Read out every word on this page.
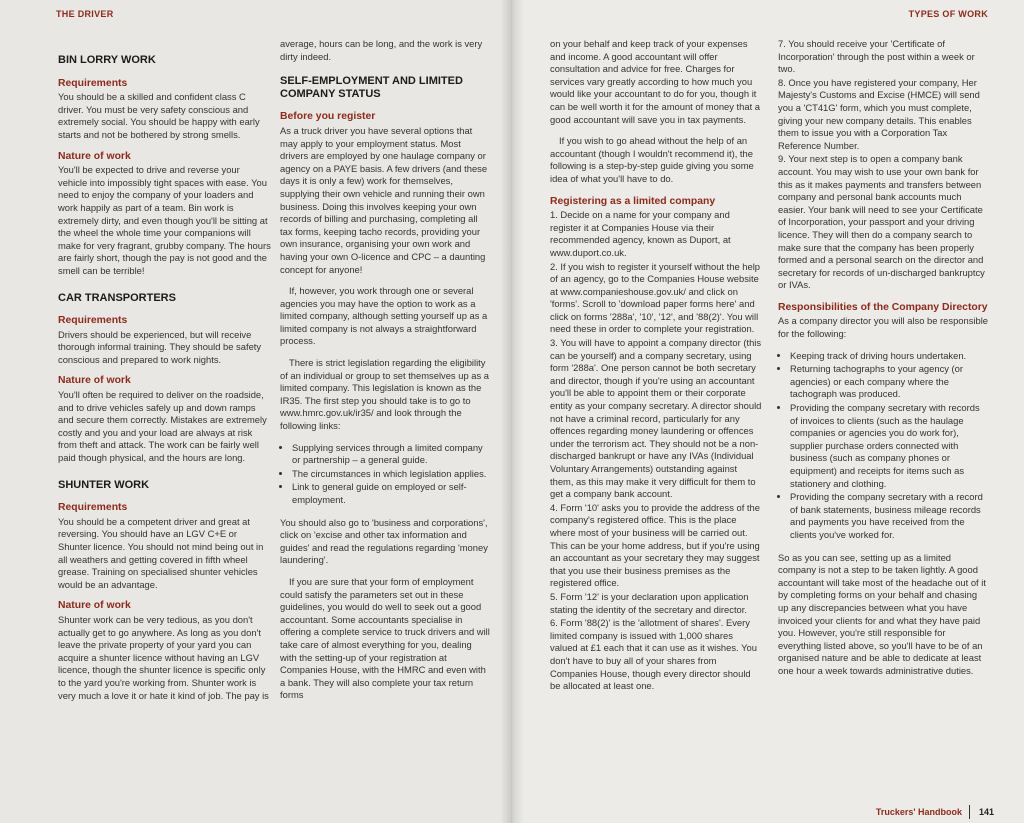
THE DRIVER
BIN LORRY WORK
Requirements

You should be a skilled and confident class C driver. You must be very safety conscious and extremely social. You should be happy with early starts and not be bothered by strong smells.

Nature of work

You'll be expected to drive and reverse your vehicle into impossibly tight spaces with ease. You need to enjoy the company of your loaders and work happily as part of a team. Bin work is extremely dirty, and even though you'll be sitting at the wheel the whole time your companions will make for very fragrant, grubby company. The hours are fairly short, though the pay is not good and the smell can be terrible!

CAR TRANSPORTERS
Requirements

Drivers should be experienced, but will receive thorough informal training. They should be safety conscious and prepared to work nights.

Nature of work

You'll often be required to deliver on the roadside, and to drive vehicles safely up and down ramps and secure them correctly. Mistakes are extremely costly and you and your load are always at risk from theft and attack. The work can be fairly well paid though physical, and the hours are long.

SHUNTER WORK
Requirements

You should be a competent driver and great at reversing. You should have an LGV C+E or Shunter licence. You should not mind being out in all weathers and getting covered in fifth wheel grease. Training on specialised shunter vehicles would be an advantage.

Nature of work

Shunter work can be very tedious, as you don't actually get to go anywhere. As long as you don't leave the private property of your yard you can acquire a shunter licence without having an LGV licence, though the shunter licence is specific only to the yard you're working from. Shunter work is very much a love it or hate it kind of job. The pay is

average, hours can be long, and the work is very dirty indeed.

SELF-EMPLOYMENT AND LIMITED COMPANY STATUS
Before you register

As a truck driver you have several options that may apply to your employment status. Most drivers are employed by one haulage company or agency on a PAYE basis. A few drivers (and these days it is only a few) work for themselves, supplying their own vehicle and running their own business. Doing this involves keeping your own records of billing and purchasing, completing all tax forms, keeping tacho records, providing your own insurance, organising your own work and having your own O-licence and CPC – a daunting concept for anyone!

If, however, you work through one or several agencies you may have the option to work as a limited company, although setting yourself up as a limited company is not always a straightforward process.

There is strict legislation regarding the eligibility of an individual or group to set themselves up as a limited company. This legislation is known as the IR35. The first step you should take is to go to www.hmrc.gov.uk/ir35/ and look through the following links:

• Supplying services through a limited company or partnership – a general guide.
• The circumstances in which legislation applies.
• Link to general guide on employed or self-employment.

You should also go to 'business and corporations', click on 'excise and other tax information and guides' and read the regulations regarding 'money laundering'.

If you are sure that your form of employment could satisfy the parameters set out in these guidelines, you would do well to seek out a good accountant. Some accountants specialise in offering a complete service to truck drivers and will take care of almost everything for you, dealing with the setting-up of your registration at Companies House, with the HMRC and even with a bank. They will also complete your tax return forms

TYPES OF WORK

on your behalf and keep track of your expenses and income. A good accountant will offer consultation and advice for free. Charges for services vary greatly according to how much you would like your accountant to do for you, though it can be well worth it for the amount of money that a good accountant will save you in tax payments.

If you wish to go ahead without the help of an accountant (though I wouldn't recommend it), the following is a step-by-step guide giving you some idea of what you'll have to do.

Registering as a limited company
1. Decide on a name for your company and register it at Companies House via their recommended agency, known as Duport, at www.duport.co.uk.
2. If you wish to register it yourself without the help of an agency, go to the Companies House website at www.companieshouse.gov.uk/ and click on 'forms'. Scroll to 'download paper forms here' and click on forms '288a', '10', '12', and '88(2)'. You will need these in order to complete your registration.
3. You will have to appoint a company director (this can be yourself) and a company secretary, using form '288a'. One person cannot be both secretary and director, though if you're using an accountant you'll be able to appoint them or their corporate entity as your company secretary. A director should not have a criminal record, particularly for any offences regarding money laundering or offences under the terrorism act. They should not be a non-discharged bankrupt or have any IVAs (Individual Voluntary Arrangements) outstanding against them, as this may make it very difficult for them to get a company bank account.
4. Form '10' asks you to provide the address of the company's registered office. This is the place where most of your business will be carried out. This can be your home address, but if you're using an accountant as your secretary they may suggest that you use their business premises as the registered office.
5. Form '12' is your declaration upon application stating the identity of the secretary and director.
6. Form '88(2)' is the 'allotment of shares'. Every limited company is issued with 1,000 shares valued at £1 each that it can use as it wishes. You don't have to buy all of your shares from Companies House, though every director should be allocated at least one.
7. You should receive your 'Certificate of Incorporation' through the post within a week or two.
8. Once you have registered your company, Her Majesty's Customs and Excise (HMCE) will send you a 'CT41G' form, which you must complete, giving your new company details. This enables them to issue you with a Corporation Tax Reference Number.
9. Your next step is to open a company bank account. You may wish to use your own bank for this as it makes payments and transfers between company and personal bank accounts much easier. Your bank will need to see your Certificate of Incorporation, your passport and your driving licence. They will then do a company search to make sure that the company has been properly formed and a personal search on the director and secretary for records of un-discharged bankruptcy or IVAs.
Responsibilities of the Company Directory

As a company director you will also be responsible for the following:

• Keeping track of driving hours undertaken.
• Returning tachographs to your agency (or agencies) or each company where the tachograph was produced.
• Providing the company secretary with records of invoices to clients (such as the haulage companies or agencies you do work for), supplier purchase orders connected with business (such as company phones or equipment) and receipts for items such as stationery and clothing.
• Providing the company secretary with a record of bank statements, business mileage records and payments you have received from the clients you've worked for.

So as you can see, setting up as a limited company is not a step to be taken lightly. A good accountant will take most of the headache out of it by completing forms on your behalf and chasing up any discrepancies between what you have invoiced your clients for and what they have paid you. However, you're still responsible for everything listed above, so you'll have to be of an organised nature and be able to dedicate at least one hour a week towards administrative duties.

Truckers' Handbook 141
